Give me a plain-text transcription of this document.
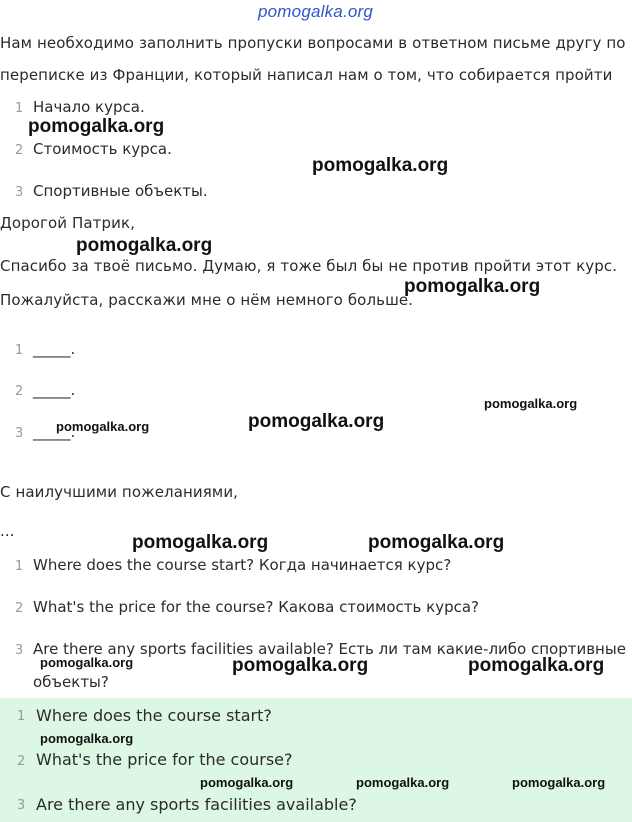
pomogalka.org
Нам необходимо заполнить пропуски вопросами в ответном письме другу по
переписке из Франции, который написал нам о том, что собирается пройти
1 Начало курса.
2 Стоимость курса.
3 Спортивные объекты.
Дорогой Патрик,
Спасибо за твоё письмо. Думаю, я тоже был бы не против пройти этот курс.
Пожалуйста, расскажи мне о нём немного больше.
1 _____.
2 _____.
3 _____.
С наилучшими пожеланиями,
...
1 Where does the course start? Когда начинается курс?
2 What's the price for the course? Какова стоимость курса?
3 Are there any sports facilities available? Есть ли там какие-либо спортивные
объекты?
1 Where does the course start?
2 What's the price for the course?
3 Are there any sports facilities available?
pomogalka.org
pomogalka.org
pomogalka.org
pomogalka.org
pomogalka.org
pomogalka.org	pomogalka.org
pomogalka.org	pomogalka.org
pomogalka.org
pomogalka.org
pomogalka.org
pomogalka.org
pomogalka.org	pomogalka.org	pomogalka.org
